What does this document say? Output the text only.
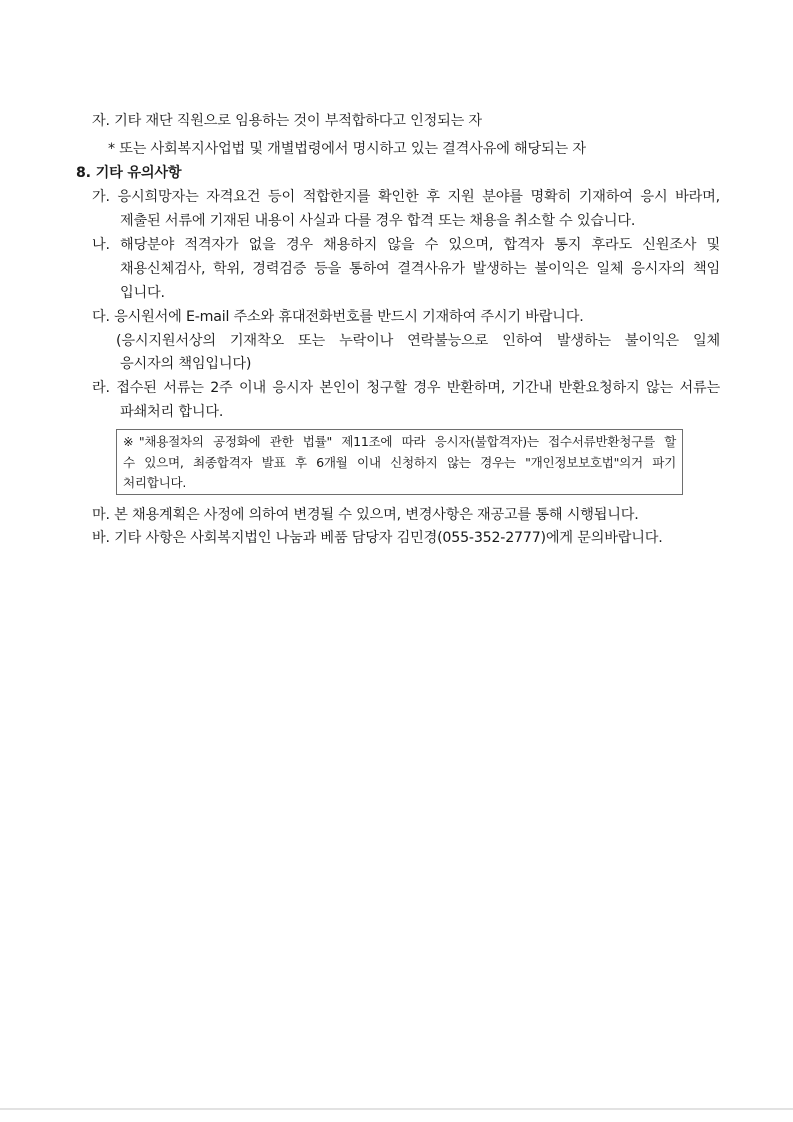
자. 기타 재단 직원으로 임용하는 것이 부적합하다고 인정되는 자
* 또는 사회복지사업법 및 개별법령에서 명시하고 있는 결격사유에 해당되는 자
8. 기타 유의사항
가. 응시희망자는 자격요건 등이 적합한지를 확인한 후 지원 분야를 명확히 기재하여 응시 바라며,
제출된 서류에 기재된 내용이 사실과 다를 경우 합격 또는 채용을 취소할 수 있습니다.
나. 해당분야 적격자가 없을 경우 채용하지 않을 수 있으며, 합격자 통지 후라도 신원조사 및
채용신체검사, 학위, 경력검증 등을 통하여 결격사유가 발생하는 불이익은 일체 응시자의 책임
입니다.
다. 응시원서에 E-mail 주소와 휴대전화번호를 반드시 기재하여 주시기 바랍니다.
(응시지원서상의 기재착오 또는 누락이나 연락불능으로 인하여 발생하는 불이익은 일체
응시자의 책임입니다)
라. 접수된 서류는 2주 이내 응시자 본인이 청구할 경우 반환하며, 기간내 반환요청하지 않는 서류는
파쇄처리 합니다.
※"채용절차의 공정화에 관한 법률" 제11조에 따라 응시자(불합격자)는 접수서류반환청구를 할
수 있으며, 최종합격자 발표 후 6개월 이내 신청하지 않는 경우는 "개인정보보호법"의거 파기
처리합니다.
마. 본 채용계획은 사정에 의하여 변경될 수 있으며, 변경사항은 재공고를 통해 시행됩니다.
바. 기타 사항은 사회복지법인 나눔과 베품 담당자 김민경(055-352-2777)에게 문의바랍니다.
